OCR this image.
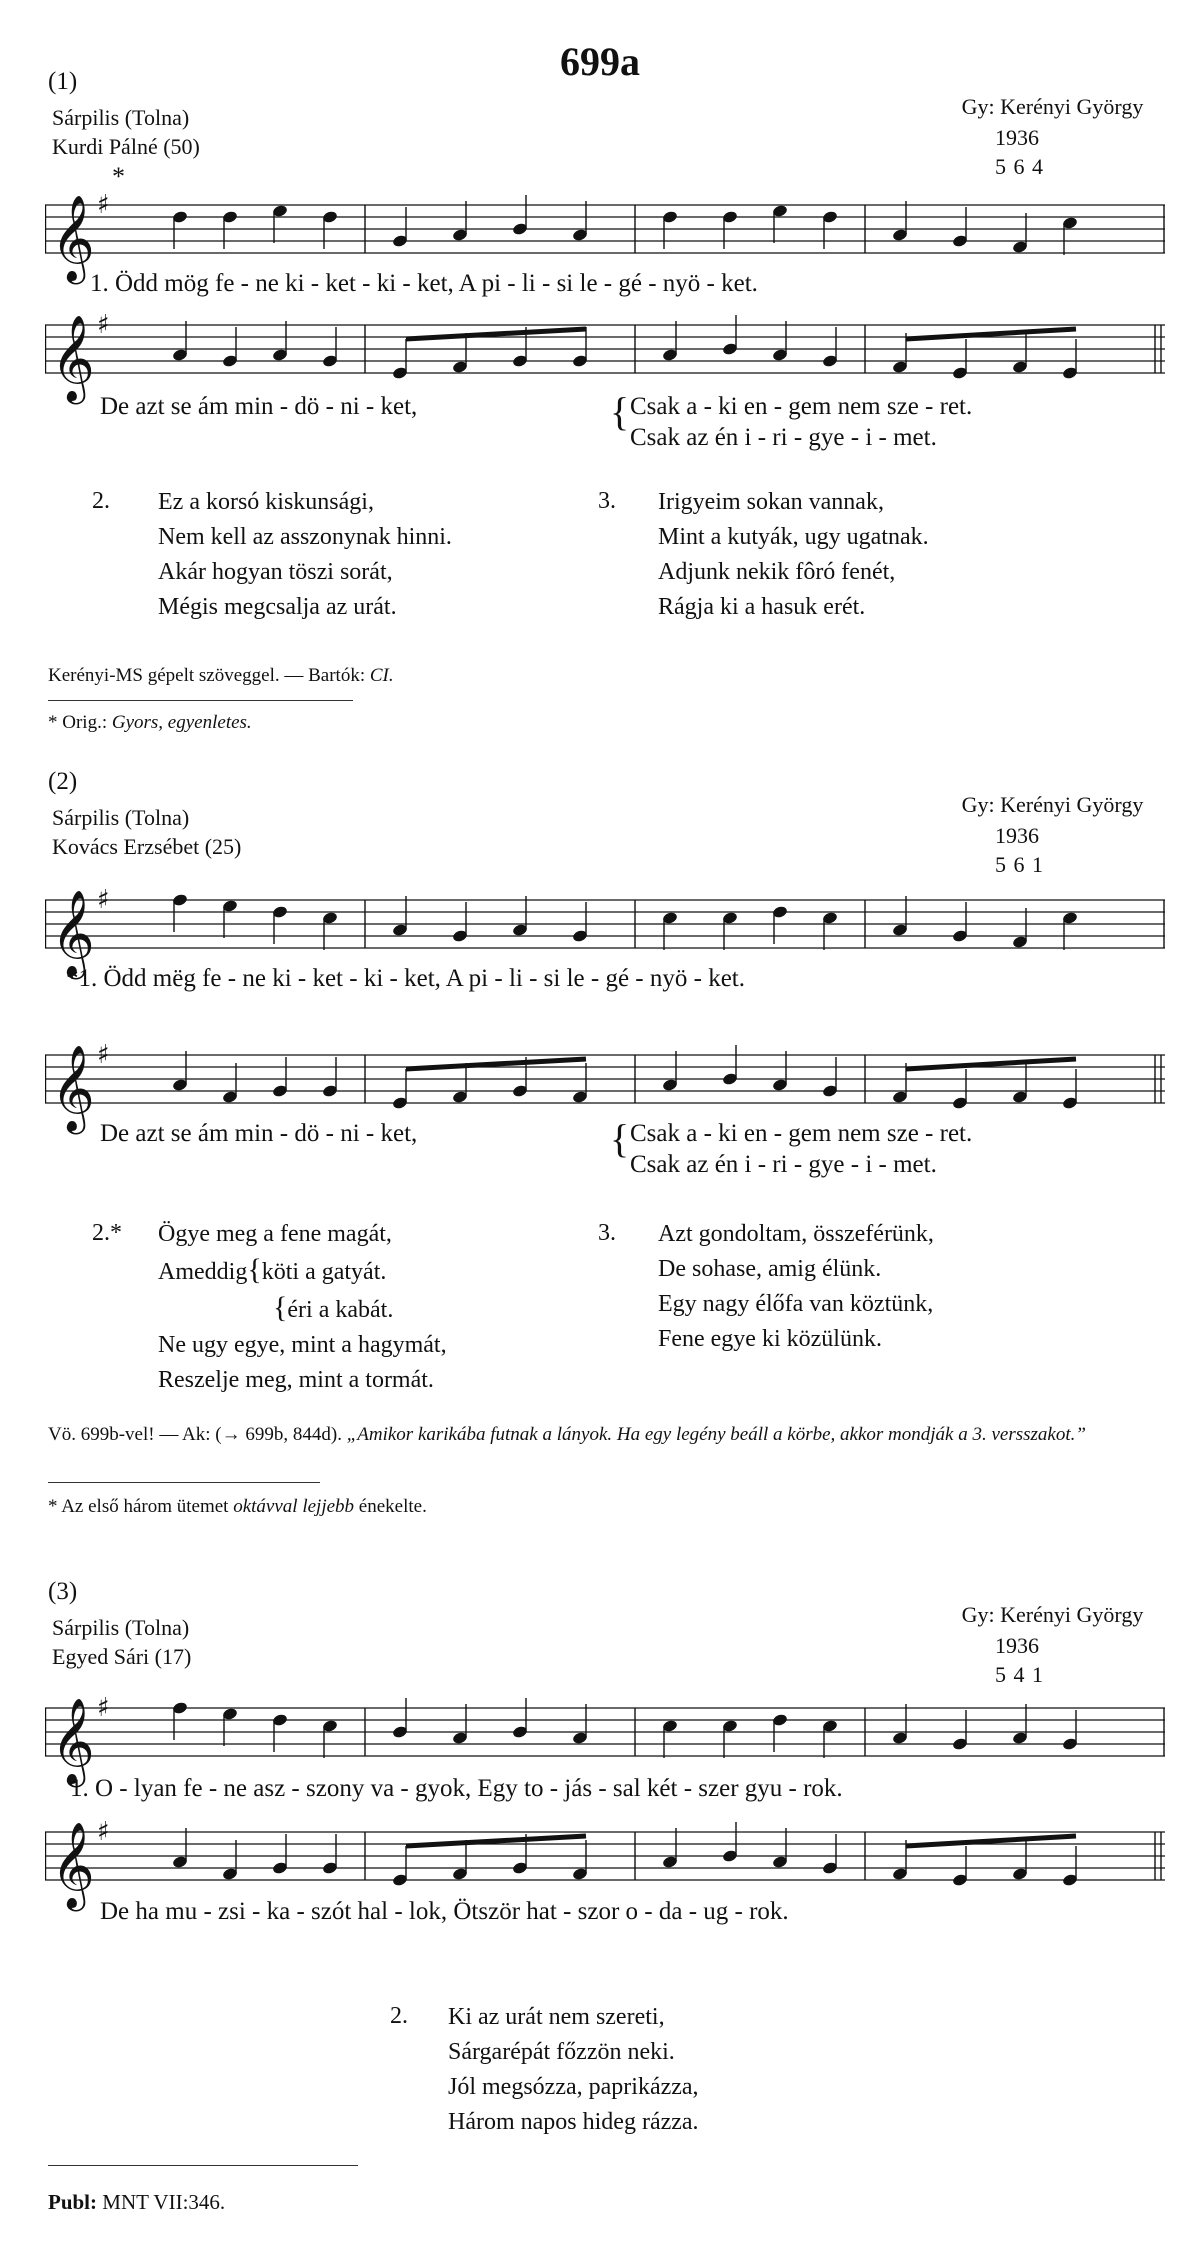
699a
(1)
Sárpilis (Tolna)
Kurdi Pálné (50)
*
Gy: Kerényi György
1936
5 6 4
𝄞 ♯
1. Ödd mög fe - ne ki - ket - ki - ket, A pi - li - si le - gé - nyö - ket.
𝄞 ♯
De azt se ám min - dö - ni - ket,	{ Csak a - ki en - gem nem sze - ret.
Csak az én i - ri - gye - i - met.
2. Ez a korsó kiskunsági,
Nem kell az asszonynak hinni.
Akár hogyan töszi sorát,
Mégis megcsalja az urát.
3. Irigyeim sokan vannak,
Mint a kutyák, ugy ugatnak.
Adjunk nekik fôró fenét,
Rágja ki a hasuk erét.
Kerényi-MS gépelt szöveggel. — Bartók: CI.
* Orig.: Gyors, egyenletes.
(2)
Sárpilis (Tolna)
Kovács Erzsébet (25)
Gy: Kerényi György
1936
5 6 1
𝄞 ♯
*1. Ödd mëg fe - ne ki - ket - ki - ket, A pi - li - si le - gé - nyö - ket.
𝄞 ♯
De azt se ám min - dö - ni - ket,	{ Csak a - ki en - gem nem sze - ret.
Csak az én i - ri - gye - i - met.
2.* Ögye meg a fene magát,
Ameddig{köti a gatyát.
{éri a kabát.
Ne ugy egye, mint a hagymát,
Reszelje meg, mint a tormát.
3. Azt gondoltam, összeférünk,
De sohase, amig élünk.
Egy nagy élőfa van köztünk,
Fene egye ki közülünk.
Vö. 699b-vel! — Ak: (→ 699b, 844d). „Amikor karikába futnak a lányok. Ha egy legény beáll a körbe, akkor mondják a 3. versszakot.”
* Az első három ütemet oktávval lejjebb énekelte.
(3)
Sárpilis (Tolna)
Egyed Sári (17)
Gy: Kerényi György
1936
5 4 1
𝄞 ♯
1. O - lyan fe - ne asz - szony va - gyok, Egy to - jás - sal két - szer gyu - rok.
𝄞 ♯
De ha mu - zsi - ka - szót hal - lok, Ötször hat - szor o - da - ug - rok.
2. Ki az urát nem szereti,
Sárgarépát főzzön neki.
Jól megsózza, paprikázza,
Három napos hideg rázza.
Publ: MNT VII:346.
